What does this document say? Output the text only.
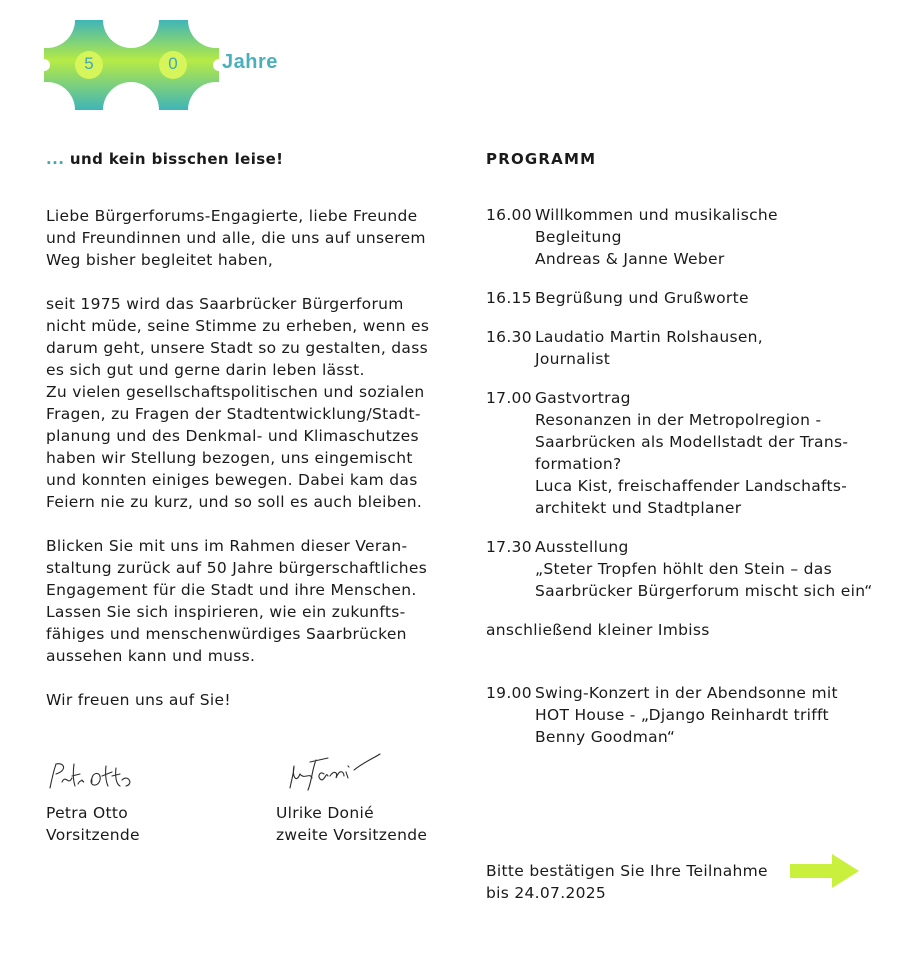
5	0	Jahre
... und kein bisschen leise!

Liebe Bürgerforums-Engagierte, liebe Freunde
und Freundinnen und alle, die uns auf unserem
Weg bisher begleitet haben,

seit 1975 wird das Saarbrücker Bürgerforum
nicht müde, seine Stimme zu erheben, wenn es
darum geht, unsere Stadt so zu gestalten, dass
es sich gut und gerne darin leben lässt.
Zu vielen gesellschaftspolitischen und sozialen
Fragen, zu Fragen der Stadtentwicklung/Stadt-
planung und des Denkmal- und Klimaschutzes
haben wir Stellung bezogen, uns eingemischt
und konnten einiges bewegen. Dabei kam das
Feiern nie zu kurz, und so soll es auch bleiben.

Blicken Sie mit uns im Rahmen dieser Veran-
staltung zurück auf 50 Jahre bürgerschaftliches
Engagement für die Stadt und ihre Menschen.
Lassen Sie sich inspirieren, wie ein zukunfts-
fähiges und menschenwürdiges Saarbrücken
aussehen kann und muss.

Wir freuen uns auf Sie!

Petra Otto
Vorsitzende
Ulrike Donié
zweite Vorsitzende
PROGRAMM
16.00 Willkommen und musikalische
Begleitung
Andreas & Janne Weber
16.15 Begrüßung und Grußworte
16.30 Laudatio Martin Rolshausen,
Journalist
17.00 Gastvortrag
Resonanzen in der Metropolregion -
Saarbrücken als Modellstadt der Trans-
formation?
Luca Kist, freischaffender Landschafts-
architekt und Stadtplaner
17.30 Ausstellung
„Steter Tropfen höhlt den Stein – das
Saarbrücker Bürgerforum mischt sich ein“
anschließend kleiner Imbiss
19.00 Swing-Konzert in der Abendsonne mit
HOT House - „Django Reinhardt trifft
Benny Goodman“
Bitte bestätigen Sie Ihre Teilnahme
bis 24.07.2025
